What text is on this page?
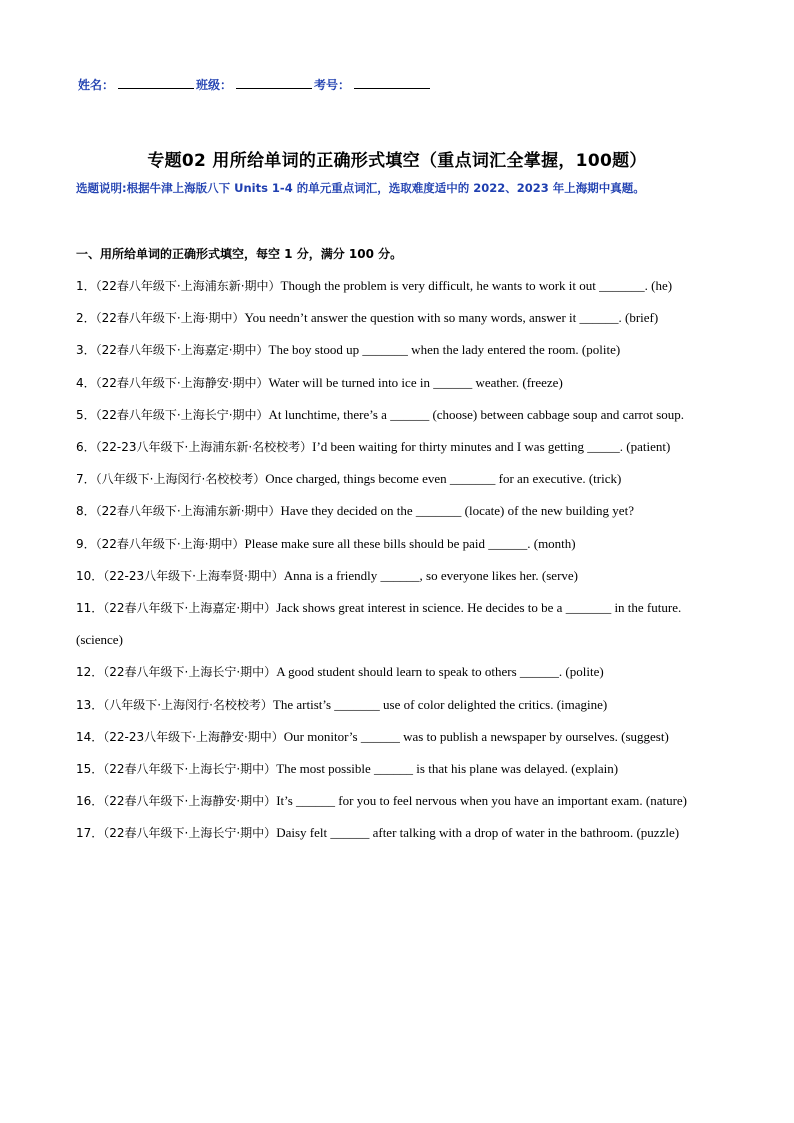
姓名：	班级：	考号：
专题02 用所给单词的正确形式填空（重点词汇全掌握，100题）
选题说明:根据牛津上海版八下 Units 1-4 的单元重点词汇，选取难度适中的 2022、2023 年上海期中真题。
一、用所给单词的正确形式填空，每空 1 分，满分 100 分。

1．（22春八年级下·上海浦东新·期中）Though the problem is very difficult, he wants to work it out _______. (he)

2．（22春八年级下·上海·期中）You needn’t answer the question with so many words, answer it ______. (brief)

3．（22春八年级下·上海嘉定·期中）The boy stood up _______ when the lady entered the room. (polite)

4．（22春八年级下·上海静安·期中）Water will be turned into ice in ______ weather. (freeze)

5．（22春八年级下·上海长宁·期中）At lunchtime, there’s a ______ (choose) between cabbage soup and carrot soup.

6．（22-23八年级下·上海浦东新·名校校考）I’d been waiting for thirty minutes and I was getting _____. (patient)

7．（八年级下·上海闵行·名校校考）Once charged, things become even _______ for an executive. (trick)

8．（22春八年级下·上海浦东新·期中）Have they decided on the _______ (locate) of the new building yet?

9．（22春八年级下·上海·期中）Please make sure all these bills should be paid ______. (month)

10．（22-23八年级下·上海奉贤·期中）Anna is a friendly ______, so everyone likes her. (serve)

11．（22春八年级下·上海嘉定·期中）Jack shows great interest in science. He decides to be a _______ in the future.(science)

12．（22春八年级下·上海长宁·期中）A good student should learn to speak to others ______. (polite)

13．（八年级下·上海闵行·名校校考）The artist’s _______ use of color delighted the critics. (imagine)

14．（22-23八年级下·上海静安·期中）Our monitor’s ______ was to publish a newspaper by ourselves. (suggest)

15．（22春八年级下·上海长宁·期中）The most possible ______ is that his plane was delayed. (explain)

16．（22春八年级下·上海静安·期中）It’s ______ for you to feel nervous when you have an important exam. (nature)

17．（22春八年级下·上海长宁·期中）Daisy felt ______ after talking with a drop of water in the bathroom. (puzzle)
